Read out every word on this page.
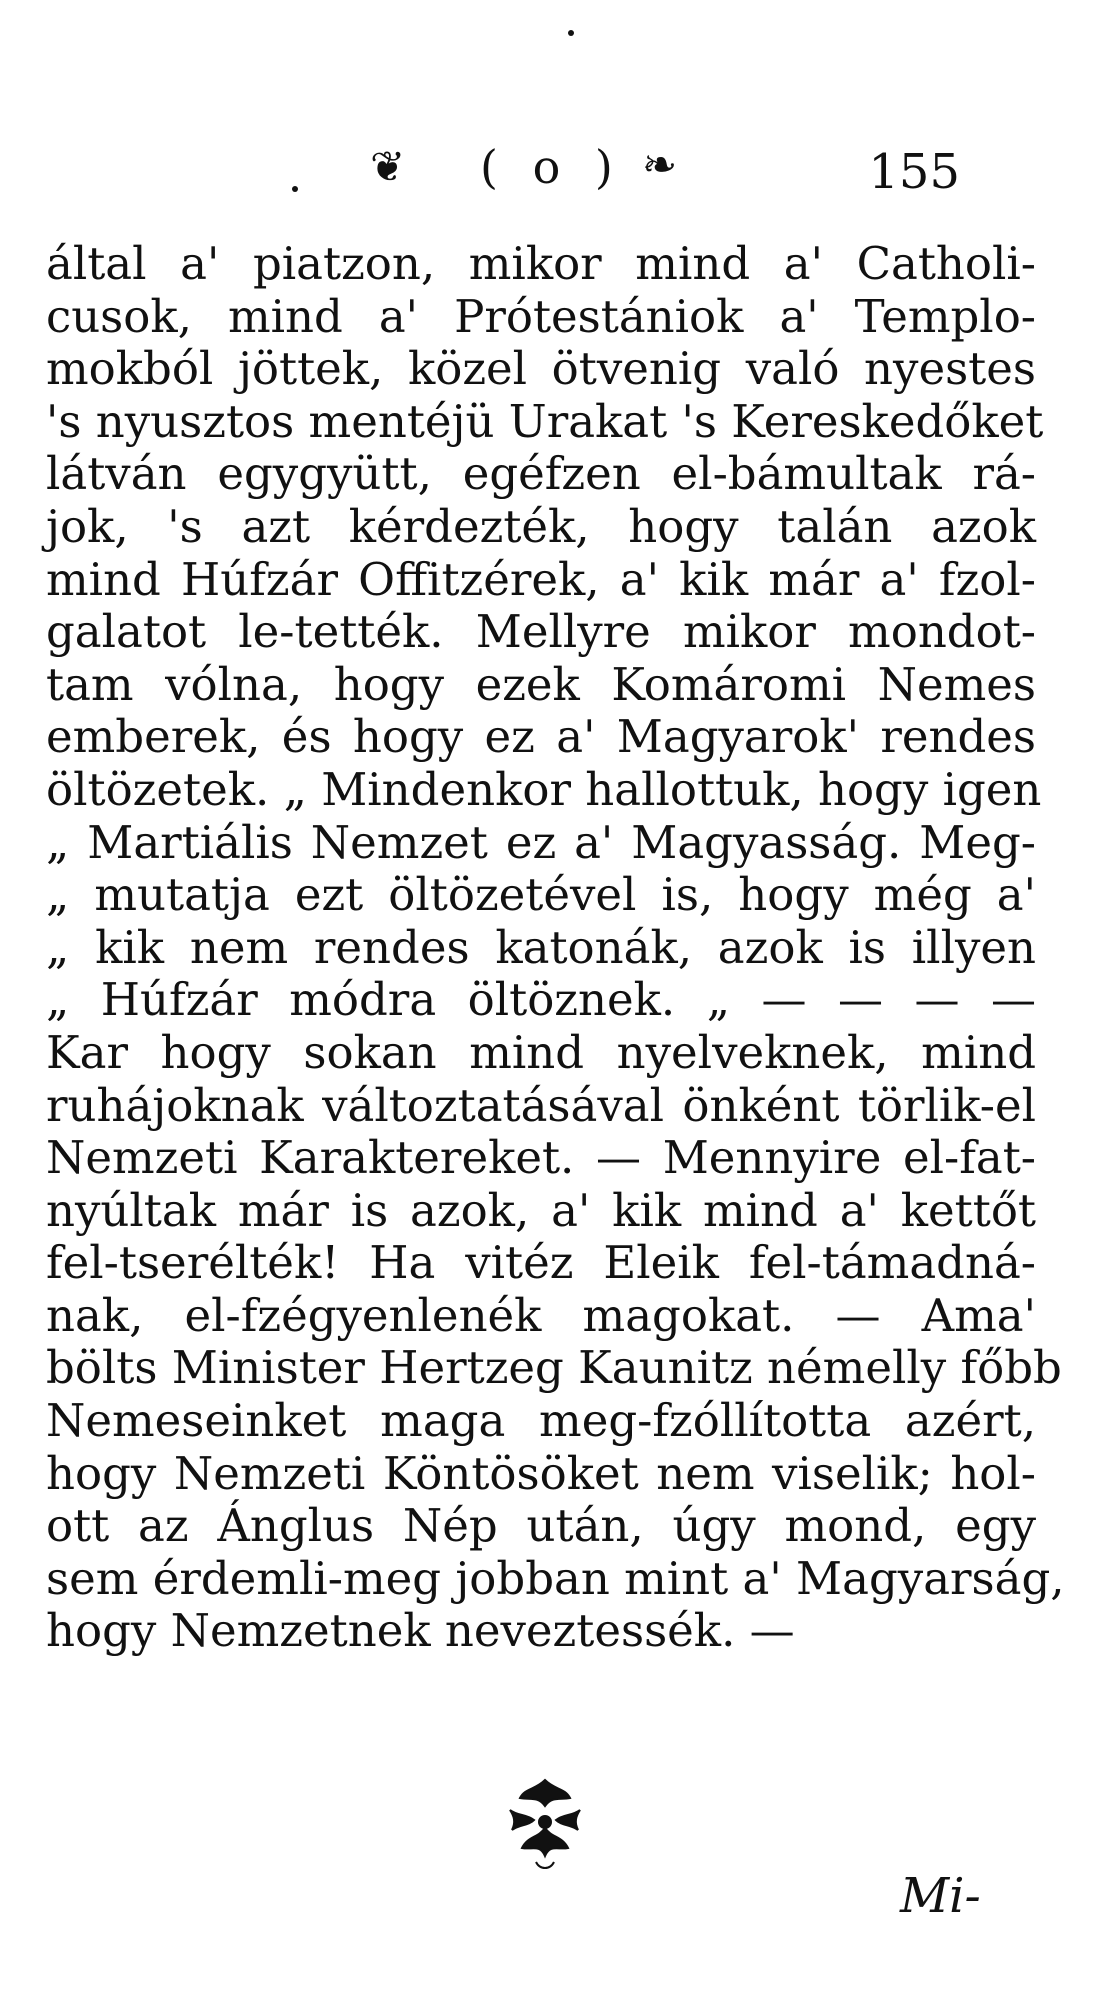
❦ ( o ) ❧	155
által a' piatzon, mikor mind a' Catholi-
cusok, mind a' Prótestániok a' Templo-
mokból jöttek, közel ötvenig való nyestes
's nyusztos mentéjü Urakat 's Kereskedőket
látván egygyütt, egéfzen el-bámultak rá-
jok, 's azt kérdezték, hogy talán azok
mind Húfzár Offitzérek, a' kik már a' fzol-
galatot le-tették. Mellyre mikor mondot-
tam vólna, hogy ezek Komáromi Nemes
emberek, és hogy ez a' Magyarok' rendes
öltözetek. „ Mindenkor hallottuk, hogy igen
„ Martiális Nemzet ez a' Magyasság. Meg-
„ mutatja ezt öltözetével is, hogy még a'
„ kik nem rendes katonák, azok is illyen
„ Húfzár módra öltöznek. „ — — — —
Kar hogy sokan mind nyelveknek, mind
ruhájoknak változtatásával önként törlik-el
Nemzeti Karaktereket. — Mennyire el-fat-
nyúltak már is azok, a' kik mind a' kettőt
fel-tserélték! Ha vitéz Eleik fel-támadná-
nak, el-fzégyenlenék magokat. — Ama'
bölts Minister Hertzeg Kaunitz némelly főbb
Nemeseinket maga meg-fzóllította azért,
hogy Nemzeti Köntösöket nem viselik; hol-
ott az Ánglus Nép után, úgy mond, egy
sem érdemli-meg jobban mint a' Magyarság,
hogy Nemzetnek neveztessék. —
Mi-
